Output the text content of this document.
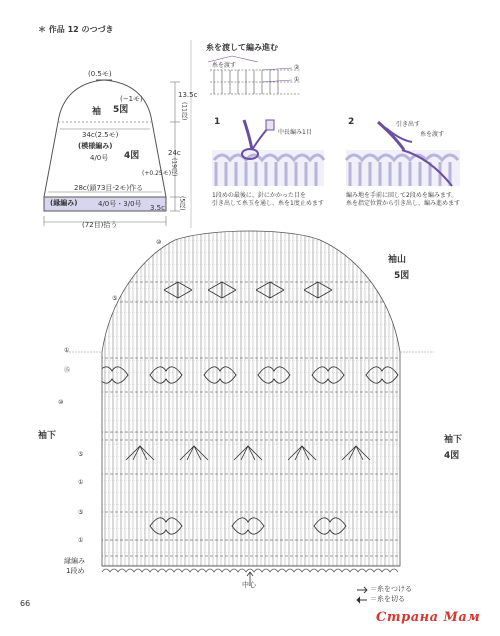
＊ 作品 12 のつづき
(0.5モ)
(−1モ)
袖 5図
34c(2.5モ)
(模様編み)
4/0号 4図
13.5c
(11段)
24c
(19段)
(+0.25モ)
28c(鎖73目-2モ)作る
(縁編み)	4/0号・3/0号 3.5c (5段)
(72目)拾う
糸を渡して編み進む
糸を渡す	②
①
1
中長編み1目
1段めの最後に、針にかかった目を
引き出して糸玉を通し、糸を1度止めます
2	引き出す
糸を渡す
編み地を手前に回して2段めを編みます。
糸を指定位置から引き出し、編み進めます
袖山
5図
袖下	袖下
4図
⑩
⑤
①
⑮
⑩
⑤
①
⑤
①
縁編み
1段め
中心	＝糸をつける
＝糸を切る
66
Страна Мам
